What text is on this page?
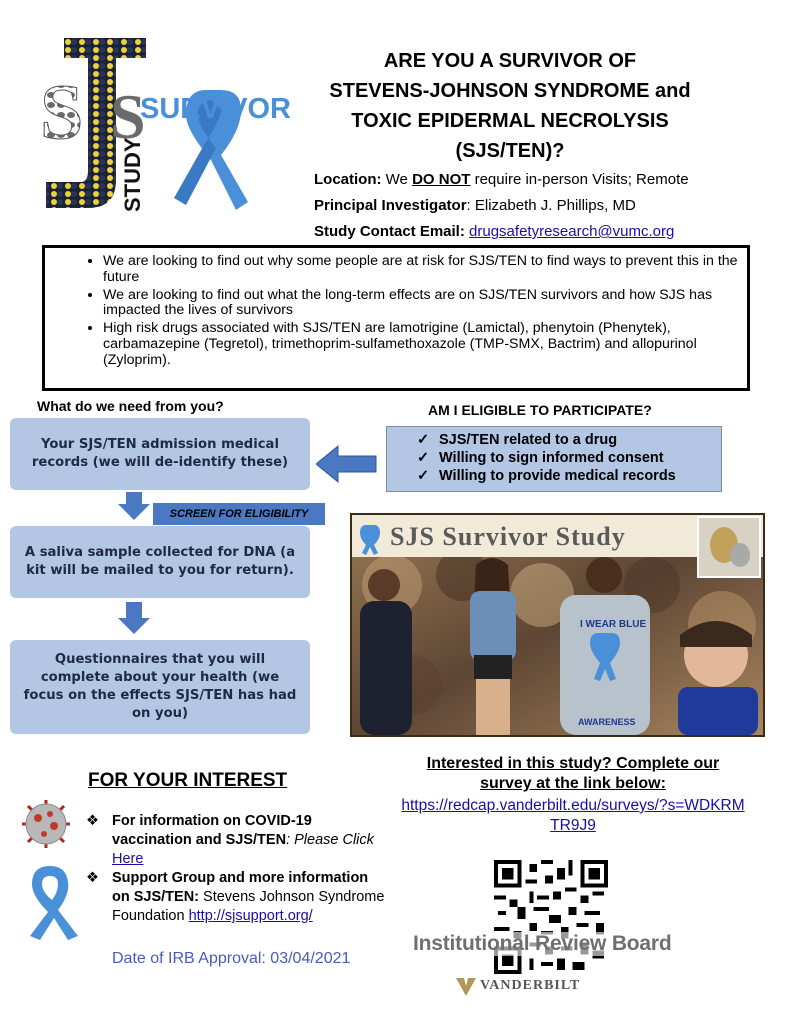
S S
SURVIVOR
STUDY
ARE YOU A SURVIVOR OF
STEVENS-JOHNSON SYNDROME and
TOXIC EPIDERMAL NECROLYSIS
(SJS/TEN)?
Location: We DO NOT require in-person Visits; Remote
Principal Investigator: Elizabeth J. Phillips, MD
Study Contact Email: drugsafetyresearch@vumc.org
• We are looking to find out why some people are at risk for SJS/TEN to find ways to prevent this in the future
• We are looking to find out what the long-term effects are on SJS/TEN survivors and how SJS has impacted the lives of survivors
• High risk drugs associated with SJS/TEN are lamotrigine (Lamictal), phenytoin (Phenytek), carbamazepine (Tegretol), trimethoprim-sulfamethoxazole (TMP-SMX, Bactrim) and allopurinol (Zyloprim).
What do we need from you?
Your SJS/TEN admission medical records (we will de-identify these)
SCREEN FOR ELIGIBILITY
A saliva sample collected for DNA (a kit will be mailed to you for return).
Questionnaires that you will complete about your health (we focus on the effects SJS/TEN has had on you)
AM I ELIGIBLE TO PARTICIPATE?
✓ SJS/TEN related to a drug
✓ Willing to sign informed consent
✓ Willing to provide medical records
SJS Survivor Study
I WEAR BLUE
AWARENESS
FOR YOUR INTEREST
❖ For information on COVID-19 vaccination and SJS/TEN: Please Click Here
❖ Support Group and more information on SJS/TEN: Stevens Johnson Syndrome Foundation http://sjsupport.org/
Date of IRB Approval: 03/04/2021
Interested in this study? Complete our survey at the link below:
https://redcap.vanderbilt.edu/surveys/?s=WDKRMTR9J9
Institutional Review Board
VANDERBILT
